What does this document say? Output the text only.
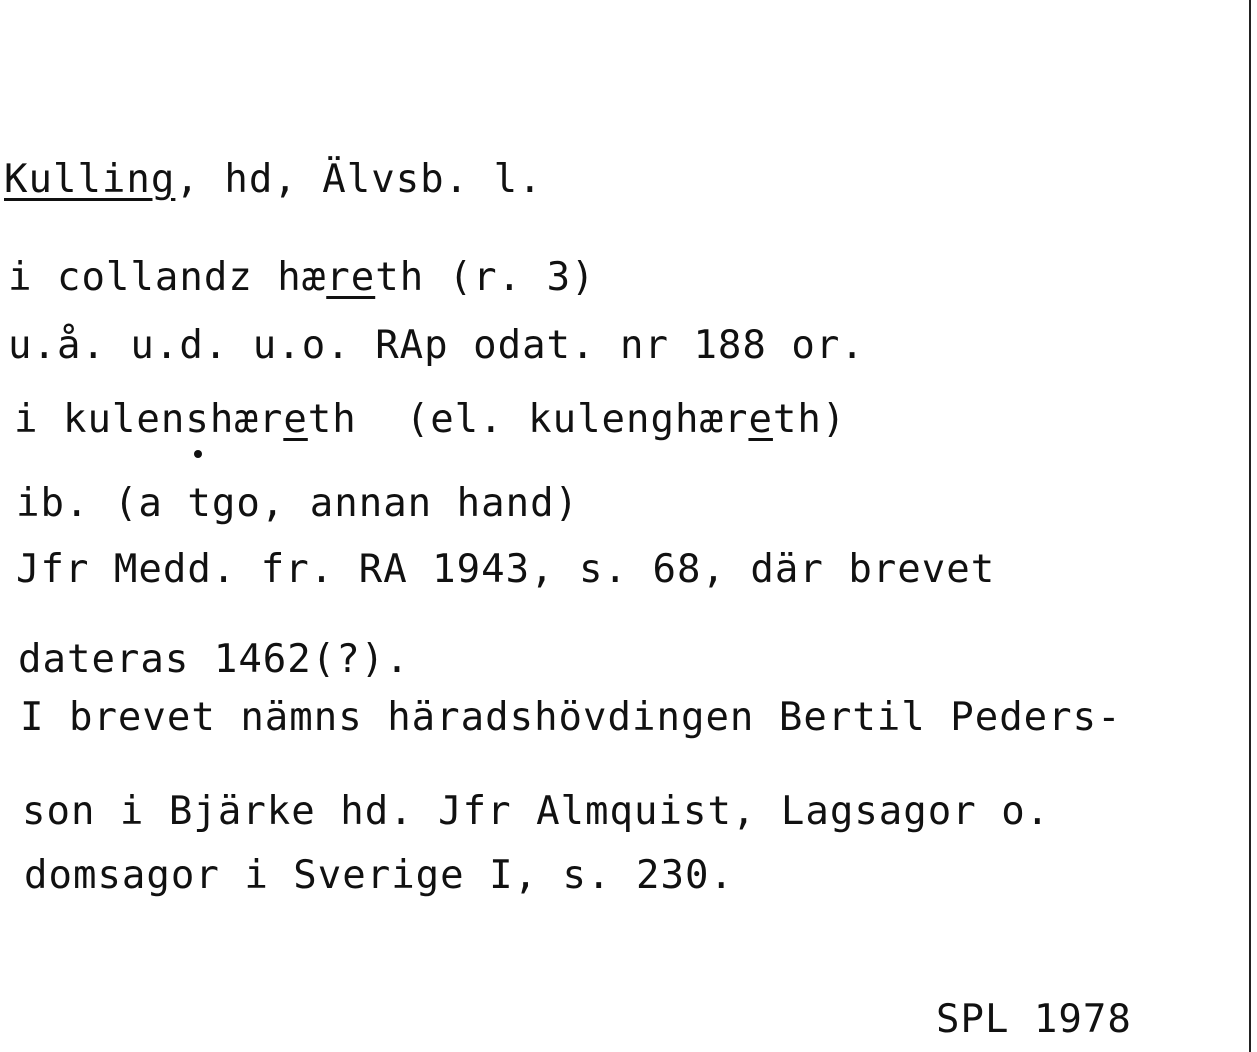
Kulling, hd, Älvsb. l.
i collandz hæreth (r. 3)
u.å. u.d. u.o. RAp odat. nr 188 or.
i kulenshæreth  (el. kulenghæreth)
ib. (a tgo, annan hand)
Jfr Medd. fr. RA 1943, s. 68, där brevet
dateras 1462(?).
I brevet nämns häradshövdingen Bertil Peders-
son i Bjärke hd. Jfr Almquist, Lagsagor o.
domsagor i Sverige I, s. 230.
SPL 1978
